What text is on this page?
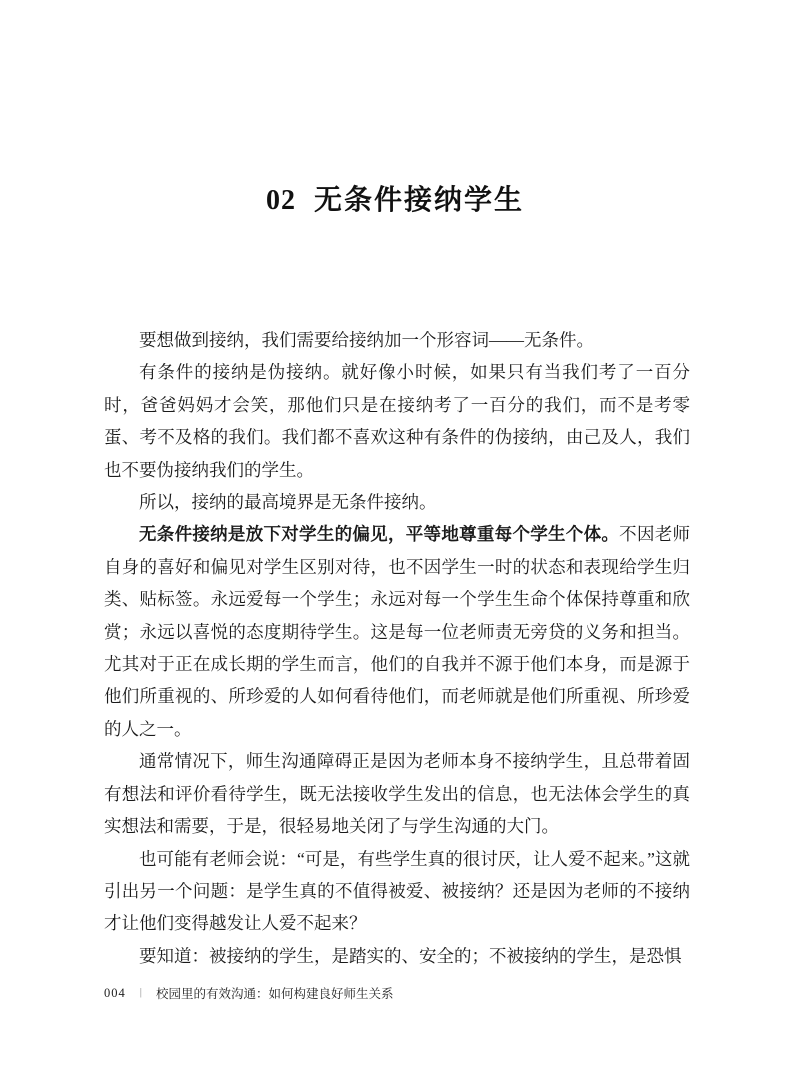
02 无条件接纳学生

要想做到接纳，我们需要给接纳加一个形容词——无条件。

有条件的接纳是伪接纳。就好像小时候，如果只有当我们考了一百分时，爸爸妈妈才会笑，那他们只是在接纳考了一百分的我们，而不是考零蛋、考不及格的我们。我们都不喜欢这种有条件的伪接纳，由己及人，我们也不要伪接纳我们的学生。

所以，接纳的最高境界是无条件接纳。

无条件接纳是放下对学生的偏见，平等地尊重每个学生个体。不因老师自身的喜好和偏见对学生区别对待，也不因学生一时的状态和表现给学生归类、贴标签。永远爱每一个学生；永远对每一个学生生命个体保持尊重和欣赏；永远以喜悦的态度期待学生。这是每一位老师责无旁贷的义务和担当。尤其对于正在成长期的学生而言，他们的自我并不源于他们本身，而是源于他们所重视的、所珍爱的人如何看待他们，而老师就是他们所重视、所珍爱的人之一。

通常情况下，师生沟通障碍正是因为老师本身不接纳学生，且总带着固有想法和评价看待学生，既无法接收学生发出的信息，也无法体会学生的真实想法和需要，于是，很轻易地关闭了与学生沟通的大门。

也可能有老师会说：“可是，有些学生真的很讨厌，让人爱不起来。”这就引出另一个问题：是学生真的不值得被爱、被接纳？还是因为老师的不接纳才让他们变得越发让人爱不起来？

要知道：被接纳的学生，是踏实的、安全的；不被接纳的学生，是恐惧

004 | 校园里的有效沟通：如何构建良好师生关系
